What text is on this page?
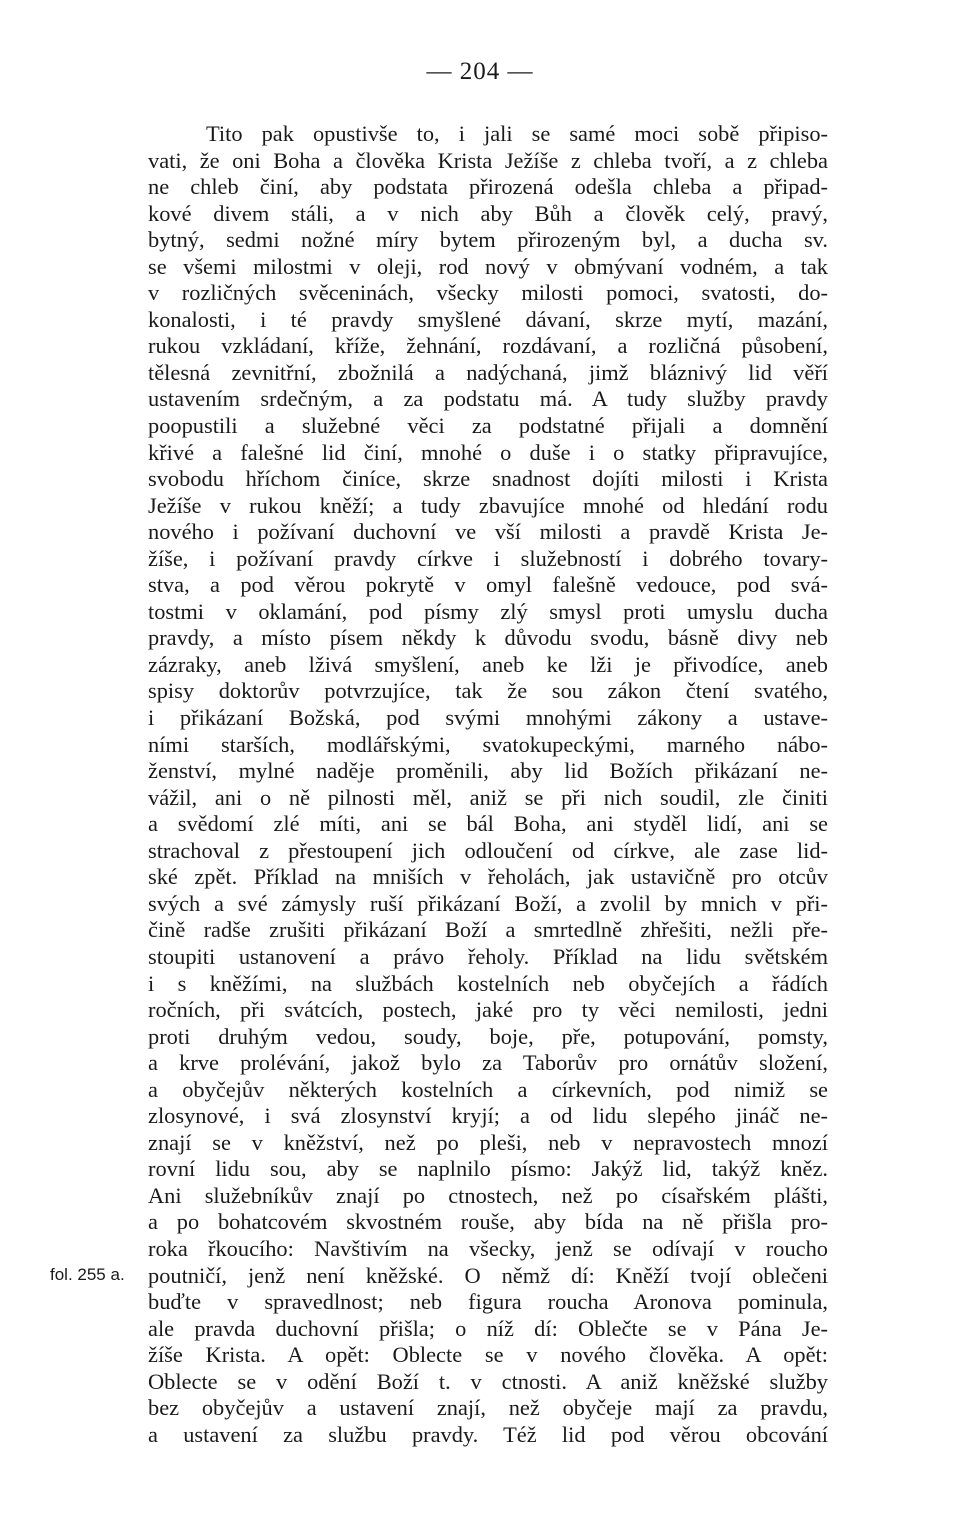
— 204 —
fol. 255 a.
Tito pak opustivše to, i jali se samé moci sobě připiso-
vati, že oni Boha a člověka Krista Ježíše z chleba tvoří, a z chleba
ne chleb činí, aby podstata přirozená odešla chleba a připad-
kové divem stáli, a v nich aby Bůh a člověk celý, pravý,
bytný, sedmi nožné míry bytem přirozeným byl, a ducha sv.
se všemi milostmi v oleji, rod nový v obmývaní vodném, a tak
v rozličných svěceninách, všecky milosti pomoci, svatosti, do-
konalosti, i té pravdy smyšlené dávaní, skrze mytí, mazání,
rukou vzkládaní, kříže, žehnání, rozdávaní, a rozličná působení,
tělesná zevnitřní, zbožnilá a nadýchaná, jimž bláznivý lid věří
ustavením srdečným, a za podstatu má. A tudy služby pravdy
poopustili a služebné věci za podstatné přijali a domnění
křivé a falešné lid činí, mnohé o duše i o statky připravujíce,
svobodu hříchom činíce, skrze snadnost dojíti milosti i Krista
Ježíše v rukou kněží; a tudy zbavujíce mnohé od hledání rodu
nového i požívaní duchovní ve vší milosti a pravdě Krista Je-
žíše, i požívaní pravdy církve i služebností i dobrého tovary-
stva, a pod věrou pokrytě v omyl falešně vedouce, pod svá-
tostmi v oklamání, pod písmy zlý smysl proti umyslu ducha
pravdy, a místo písem někdy k důvodu svodu, básně divy neb
zázraky, aneb lživá smyšlení, aneb ke lži je přivodíce, aneb
spisy doktorův potvrzujíce, tak že sou zákon čtení svatého,
i přikázaní Božská, pod svými mnohými zákony a ustave-
ními starších, modlářskými, svatokupeckými, marného nábo-
ženství, mylné naděje proměnili, aby lid Božích přikázaní ne-
vážil, ani o ně pilnosti měl, aniž se při nich soudil, zle činiti
a svědomí zlé míti, ani se bál Boha, ani styděl lidí, ani se
strachoval z přestoupení jich odloučení od církve, ale zase lid-
ské zpět. Příklad na mniších v řeholách, jak ustavičně pro otcův
svých a své zámysly ruší přikázaní Boží, a zvolil by mnich v při-
čině radše zrušiti přikázaní Boží a smrtedlně zhřešiti, nežli pře-
stoupiti ustanovení a právo řeholy. Příklad na lidu světském
i s kněžími, na službách kostelních neb obyčejích a řádích
ročních, při svátcích, postech, jaké pro ty věci nemilosti, jedni
proti druhým vedou, soudy, boje, pře, potupování, pomsty,
a krve prolévání, jakož bylo za Taborův pro ornátův složení,
a obyčejův některých kostelních a církevních, pod nimiž se
zlosynové, i svá zlosynství kryjí; a od lidu slepého jináč ne-
znají se v kněžství, než po pleši, neb v nepravostech mnozí
rovní lidu sou, aby se naplnilo písmo: Jakýž lid, takýž kněz.
Ani služebníkův znají po ctnostech, než po císařském plášti,
a po bohatcovém skvostném rouše, aby bída na ně přišla pro-
roka řkoucího: Navštivím na všecky, jenž se odívají v roucho
poutničí, jenž není kněžské. O němž dí: Kněží tvojí oblečeni
buďte v spravedlnost; neb figura roucha Aronova pominula,
ale pravda duchovní přišla; o níž dí: Oblečte se v Pána Je-
žíše Krista. A opět: Oblecte se v nového člověka. A opět:
Oblecte se v odění Boží t. v ctnosti. A aniž kněžské služby
bez obyčejův a ustavení znají, než obyčeje mají za pravdu,
a ustavení za službu pravdy. Též lid pod věrou obcování
